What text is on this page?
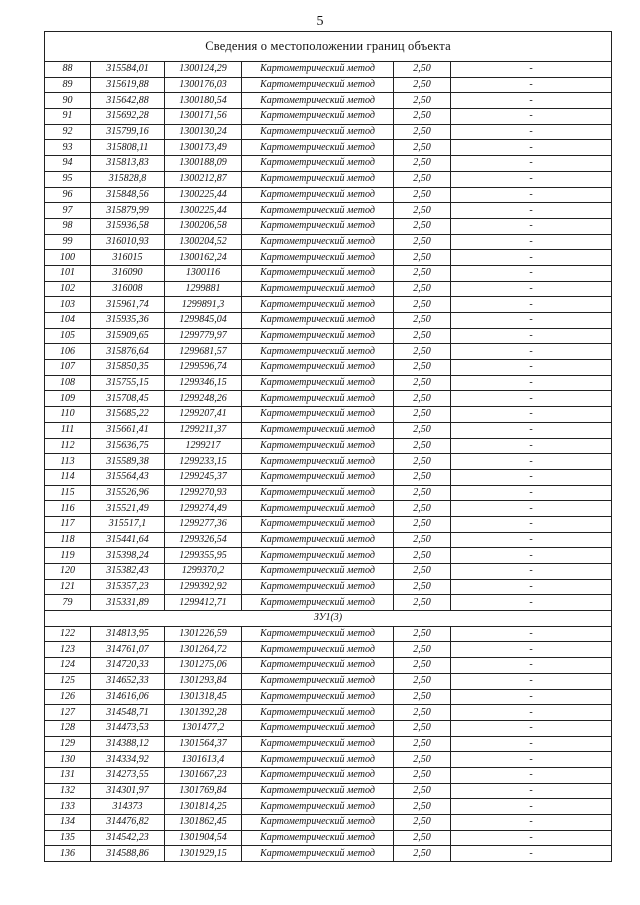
5
Сведения о местоположении границ объекта					
88	315584,01	1300124,29	Картометрический метод	2,50	-
89	315619,88	1300176,03	Картометрический метод	2,50	-
90	315642,88	1300180,54	Картометрический метод	2,50	-
91	315692,28	1300171,56	Картометрический метод	2,50	-
92	315799,16	1300130,24	Картометрический метод	2,50	-
93	315808,11	1300173,49	Картометрический метод	2,50	-
94	315813,83	1300188,09	Картометрический метод	2,50	-
95	315828,8	1300212,87	Картометрический метод	2,50	-
96	315848,56	1300225,44	Картометрический метод	2,50	-
97	315879,99	1300225,44	Картометрический метод	2,50	-
98	315936,58	1300206,58	Картометрический метод	2,50	-
99	316010,93	1300204,52	Картометрический метод	2,50	-
100	316015	1300162,24	Картометрический метод	2,50	-
101	316090	1300116	Картометрический метод	2,50	-
102	316008	1299881	Картометрический метод	2,50	-
103	315961,74	1299891,3	Картометрический метод	2,50	-
104	315935,36	1299845,04	Картометрический метод	2,50	-
105	315909,65	1299779,97	Картометрический метод	2,50	-
106	315876,64	1299681,57	Картометрический метод	2,50	-
107	315850,35	1299596,74	Картометрический метод	2,50	-
108	315755,15	1299346,15	Картометрический метод	2,50	-
109	315708,45	1299248,26	Картометрический метод	2,50	-
110	315685,22	1299207,41	Картометрический метод	2,50	-
111	315661,41	1299211,37	Картометрический метод	2,50	-
112	315636,75	1299217	Картометрический метод	2,50	-
113	315589,38	1299233,15	Картометрический метод	2,50	-
114	315564,43	1299245,37	Картометрический метод	2,50	-
115	315526,96	1299270,93	Картометрический метод	2,50	-
116	315521,49	1299274,49	Картометрический метод	2,50	-
117	315517,1	1299277,36	Картометрический метод	2,50	-
118	315441,64	1299326,54	Картометрический метод	2,50	-
119	315398,24	1299355,95	Картометрический метод	2,50	-
120	315382,43	1299370,2	Картометрический метод	2,50	-
121	315357,23	1299392,92	Картометрический метод	2,50	-
79	315331,89	1299412,71	Картометрический метод	2,50	-
ЗУ1(3)					
122	314813,95	1301226,59	Картометрический метод	2,50	-
123	314761,07	1301264,72	Картометрический метод	2,50	-
124	314720,33	1301275,06	Картометрический метод	2,50	-
125	314652,33	1301293,84	Картометрический метод	2,50	-
126	314616,06	1301318,45	Картометрический метод	2,50	-
127	314548,71	1301392,28	Картометрический метод	2,50	-
128	314473,53	1301477,2	Картометрический метод	2,50	-
129	314388,12	1301564,37	Картометрический метод	2,50	-
130	314334,92	1301613,4	Картометрический метод	2,50	-
131	314273,55	1301667,23	Картометрический метод	2,50	-
132	314301,97	1301769,84	Картометрический метод	2,50	-
133	314373	1301814,25	Картометрический метод	2,50	-
134	314476,82	1301862,45	Картометрический метод	2,50	-
135	314542,23	1301904,54	Картометрический метод	2,50	-
136	314588,86	1301929,15	Картометрический метод	2,50	-
